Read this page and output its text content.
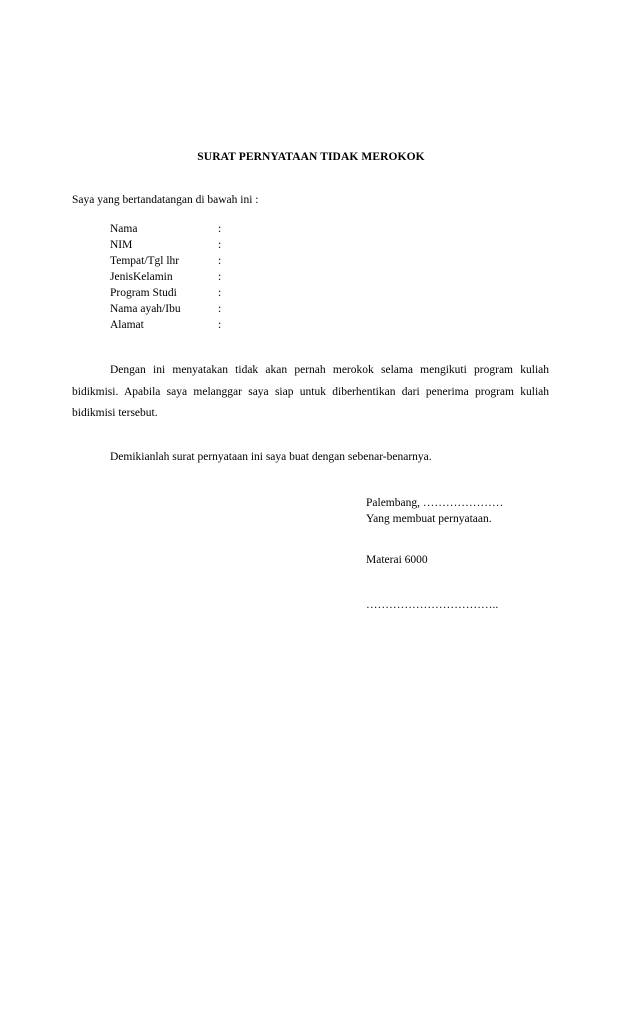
SURAT PERNYATAAN TIDAK MEROKOK
Saya yang bertandatangan di bawah ini :
Nama	:
NIM	:
Tempat/Tgl lhr	:
JenisKelamin	:
Program Studi	:
Nama ayah/Ibu	:
Alamat	:

Dengan ini menyatakan tidak akan pernah merokok selama mengikuti program kuliah bidikmisi. Apabila saya melanggar saya siap untuk diberhentikan dari penerima program kuliah bidikmisi tersebut.

Demikianlah surat pernyataan ini saya buat dengan sebenar-benarnya.

Palembang, …………………
Yang membuat pernyataan.
Materai 6000
……………………………..
